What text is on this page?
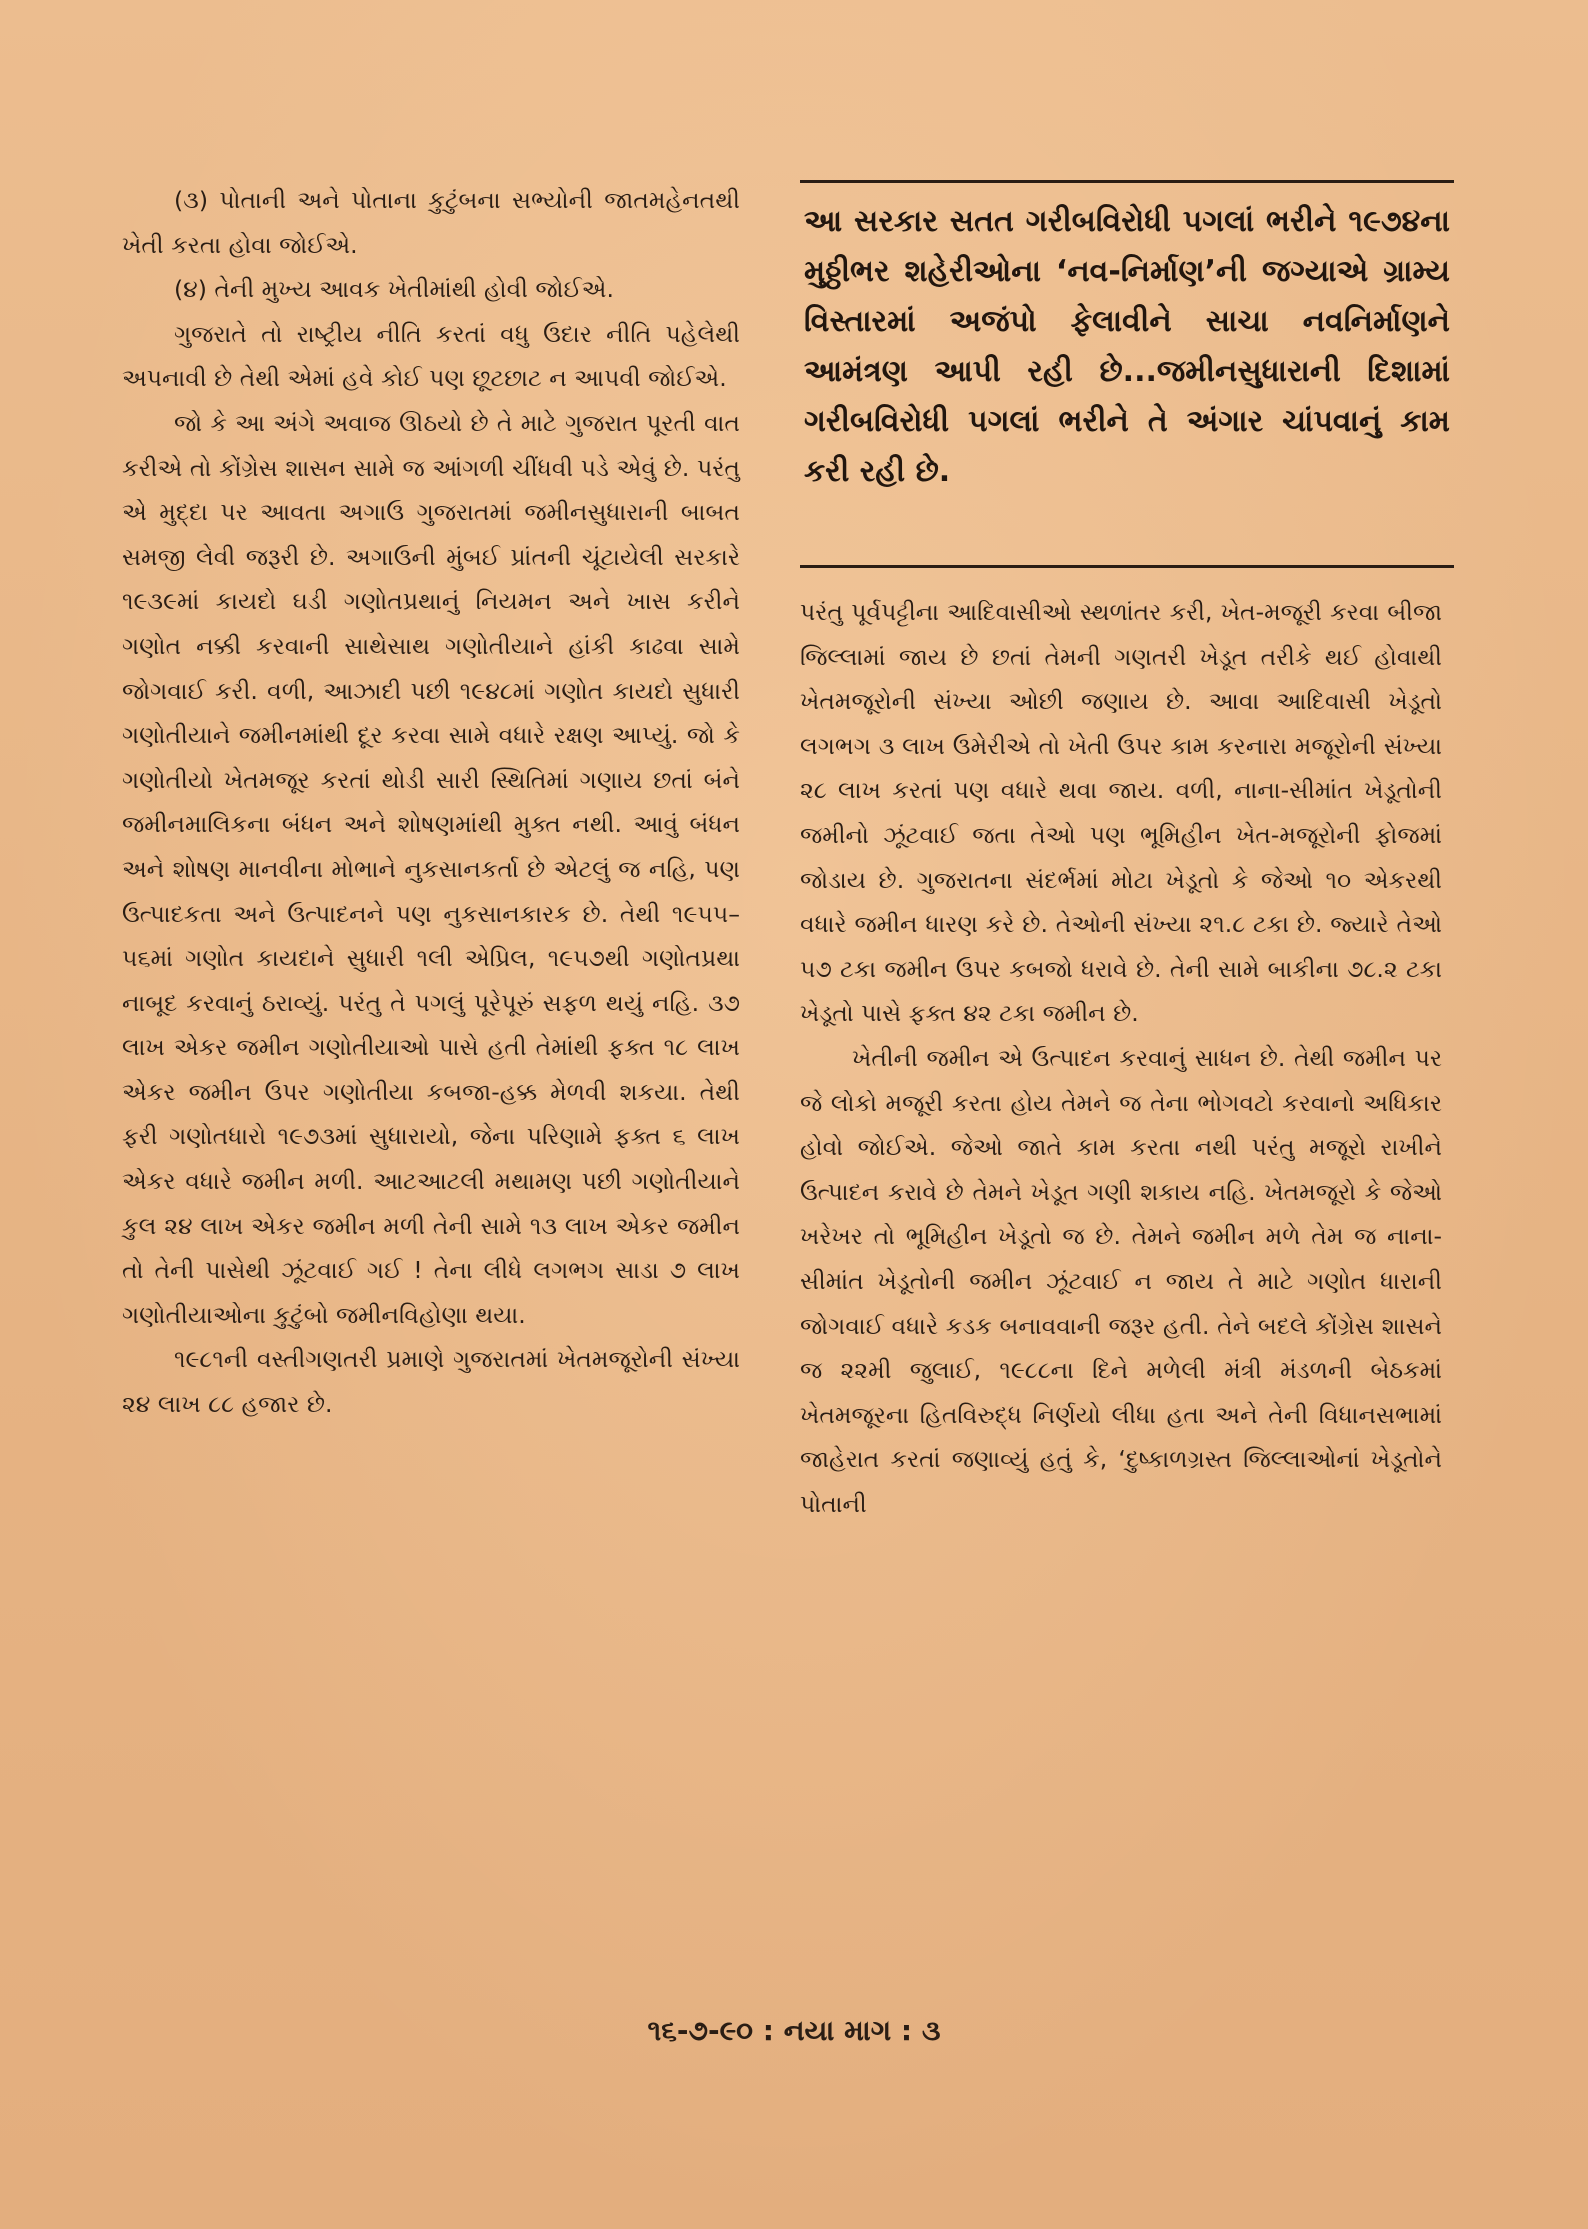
(૩) પોતાની અને પોતાના કુટુંબના સભ્યોની જાતમહેનતથી ખેતી કરતા હોવા જોઈએ.

(૪) તેની મુખ્ય આવક ખેતીમાંથી હોવી જોઈએ.

ગુજરાતે તો રાષ્ટ્રીય નીતિ કરતાં વધુ ઉદાર નીતિ પહેલેથી અપનાવી છે તેથી એમાં હવે કોઈ પણ છૂટછાટ ન આપવી જોઈએ.

જો કે આ અંગે અવાજ ઊઠયો છે તે માટે ગુજરાત પૂરતી વાત કરીએ તો કોંગ્રેસ શાસન સામે જ આંગળી ચીંધવી પડે એવું છે. પરંતુ એ મુદ્દા પર આવતા અગાઉ ગુજરાતમાં જમીનસુધારાની બાબત સમજી લેવી જરૂરી છે. અગાઉની મુંબઈ પ્રાંતની ચૂંટાયેલી સરકારે ૧૯૩૯માં કાયદો ઘડી ગણોતપ્રથાનું નિયમન અને ખાસ કરીને ગણોત નક્કી કરવાની સાથેસાથ ગણોતીયાને હાંકી કાઢવા સામે જોગવાઈ કરી. વળી, આઝાદી પછી ૧૯૪૮માં ગણોત કાયદો સુધારી ગણોતીયાને જમીનમાંથી દૂર કરવા સામે વધારે રક્ષણ આપ્યું. જો કે ગણોતીયો ખેતમજૂર કરતાં થોડી સારી સ્થિતિમાં ગણાય છતાં બંને જમીનમાલિકના બંધન અને શોષણમાંથી મુક્ત નથી. આવું બંધન અને શોષણ માનવીના મોભાને નુકસાનકર્તા છે એટલું જ નહિ, પણ ઉત્પાદકતા અને ઉત્પાદનને પણ નુકસાનકારક છે. તેથી ૧૯૫૫–૫૬માં ગણોત કાયદાને સુધારી ૧લી એપ્રિલ, ૧૯૫૭થી ગણોતપ્રથા નાબૂદ કરવાનું ઠરાવ્યું. પરંતુ તે પગલું પૂરેપૂરું સફળ થયું નહિ. ૩૭ લાખ એકર જમીન ગણોતીયાઓ પાસે હતી તેમાંથી ફક્ત ૧૮ લાખ એકર જમીન ઉપર ગણોતીયા કબજા-હક્ક મેળવી શકયા. તેથી ફરી ગણોતધારો ૧૯૭૩માં સુધારાયો, જેના પરિણામે ફક્ત ૬ લાખ એકર વધારે જમીન મળી. આટઆટલી મથામણ પછી ગણોતીયાને કુલ ૨૪ લાખ એકર જમીન મળી તેની સામે ૧૩ લાખ એકર જમીન તો તેની પાસેથી ઝૂંટવાઈ ગઈ ! તેના લીધે લગભગ સાડા ૭ લાખ ગણોતીયાઓના કુટુંબો જમીનવિહોણા થયા.

૧૯૮૧ની વસ્તીગણતરી પ્રમાણે ગુજરાતમાં ખેતમજૂરોની સંખ્યા ૨૪ લાખ ૮૮ હજાર છે.

આ સરકાર સતત ગરીબવિરોધી પગલાં ભરીને ૧૯૭૪ના મુઠ્ઠીભર શહેરીઓના ‘નવ-નિર્માણ’ની જગ્યાએ ગ્રામ્ય વિસ્તારમાં અજંપો ફેલાવીને સાચા નવનિર્માણને આમંત્રણ આપી રહી છે...જમીનસુધારાની દિશામાં ગરીબવિરોધી પગલાં ભરીને તે અંગાર ચાંપવાનું કામ કરી રહી છે.

પરંતુ પૂર્વપટ્ટીના આદિવાસીઓ સ્થળાંતર કરી, ખેત-મજૂરી કરવા બીજા જિલ્લામાં જાય છે છતાં તેમની ગણતરી ખેડૂત તરીકે થઈ હોવાથી ખેતમજૂરોની સંખ્યા ઓછી જણાય છે. આવા આદિવાસી ખેડૂતો લગભગ ૩ લાખ ઉમેરીએ તો ખેતી ઉપર કામ કરનારા મજૂરોની સંખ્યા ૨૮ લાખ કરતાં પણ વધારે થવા જાય. વળી, નાના-સીમાંત ખેડૂતોની જમીનો ઝૂંટવાઈ જતા તેઓ પણ ભૂમિહીન ખેત-મજૂરોની ફોજમાં જોડાય છે. ગુજરાતના સંદર્ભમાં મોટા ખેડૂતો કે જેઓ ૧૦ એકરથી વધારે જમીન ધારણ કરે છે. તેઓની સંખ્યા ૨૧.૮ ટકા છે. જ્યારે તેઓ ૫૭ ટકા જમીન ઉપર કબજો ધરાવે છે. તેની સામે બાકીના ૭૮.૨ ટકા ખેડૂતો પાસે ફક્ત ૪૨ ટકા જમીન છે.

ખેતીની જમીન એ ઉત્પાદન કરવાનું સાધન છે. તેથી જમીન પર જે લોકો મજૂરી કરતા હોય તેમને જ તેના ભોગવટો કરવાનો અધિકાર હોવો જોઈએ. જેઓ જાતે કામ કરતા નથી પરંતુ મજૂરો રાખીને ઉત્પાદન કરાવે છે તેમને ખેડૂત ગણી શકાય નહિ. ખેતમજૂરો કે જેઓ ખરેખર તો ભૂમિહીન ખેડૂતો જ છે. તેમને જમીન મળે તેમ જ નાના-સીમાંત ખેડૂતોની જમીન ઝૂંટવાઈ ન જાય તે માટે ગણોત ધારાની જોગવાઈ વધારે કડક બનાવવાની જરૂર હતી. તેને બદલે કોંગ્રેસ શાસને જ ૨૨મી જુલાઈ, ૧૯૮૮ના દિને મળેલી મંત્રી મંડળની બેઠકમાં ખેતમજૂરના હિતવિરુદ્ધ નિર્ણયો લીધા હતા અને તેની વિધાનસભામાં જાહેરાત કરતાં જણાવ્યું હતું કે, ‘દુષ્કાળગ્રસ્ત જિલ્લાઓનાં ખેડૂતોને પોતાની

૧૬-૭-૯૦ : નયા માગ : ૩
